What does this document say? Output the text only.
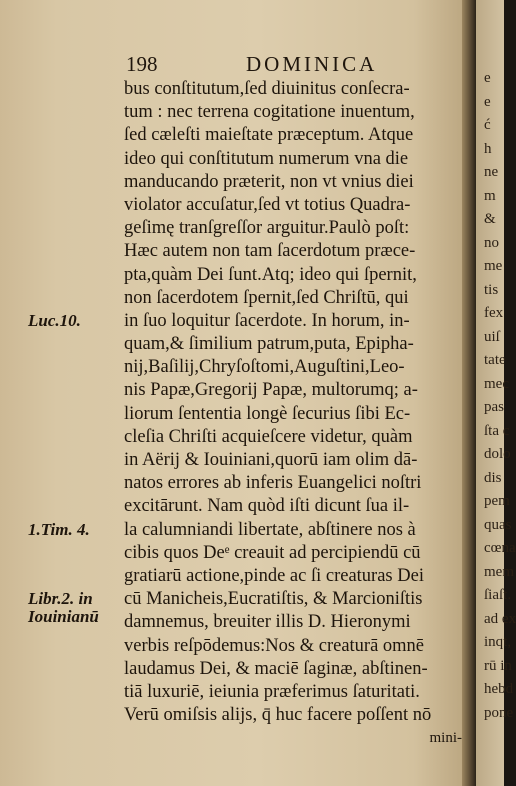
198	DOMINICA
bus conſtitutum,ſed diuinitus conſecra-
tum : nec terrena cogitatione inuentum,
ſed cæleſti maieſtate præceptum. Atque
ideo qui conſtitutum numerum vna die
manducando præterit, non vt vnius diei
violator accuſatur,ſed vt totius Quadra-
geſimę tranſgreſſor arguitur.Paulò poſt:
Hæc autem non tam ſacerdotum præce-
pta,quàm Dei ſunt.Atq; ideo qui ſpernit,
non ſacerdotem ſpernit,ſed Chriſtū, qui
in ſuo loquitur ſacerdote. In horum, in-
quam,& ſimilium patrum,puta, Epipha-
nij,Baſilij,Chryſoſtomi,Auguſtini,Leo-
nis Papæ,Gregorij Papæ, multorumq; a-
liorum ſententia longè ſecurius ſibi Ec-
cleſia Chriſti acquieſcere videtur, quàm
in Aërij & Iouiniani,quorū iam olim dā-
natos errores ab inferis Euangelici noſtri
excitārunt. Nam quòd iſti dicunt ſua il-
la calumniandi libertate, abſtinere nos à
cibis quos Deᵉ creauit ad percipiendū cū
gratiarū actione,pinde ac ſi creaturas Dei
cū Manicheis,Eucratiſtis, & Marcioniſtis
damnemus, breuiter illis D. Hieronymi
verbis reſpōdemus:Nos & creaturā omnē
laudamus Dei, & maciē ſaginæ, abſtinen-
tiā luxuriē, ieiunia præferimus ſaturitati.
Verū omiſsis alijs, q̄ huc facere poſſent nō
mini-
Luc.10.
1.Tim. 4.
Libr.2. in Iouinianū
e
e
ć
h
ne
m
&
no
me
tis
fex
uiſ
tate
mec
pas
ſta c
dolo
dis
pem
quas
cœna
mem
ſiaſt.
ad ex
inqt,
rū in
hebd
pone
